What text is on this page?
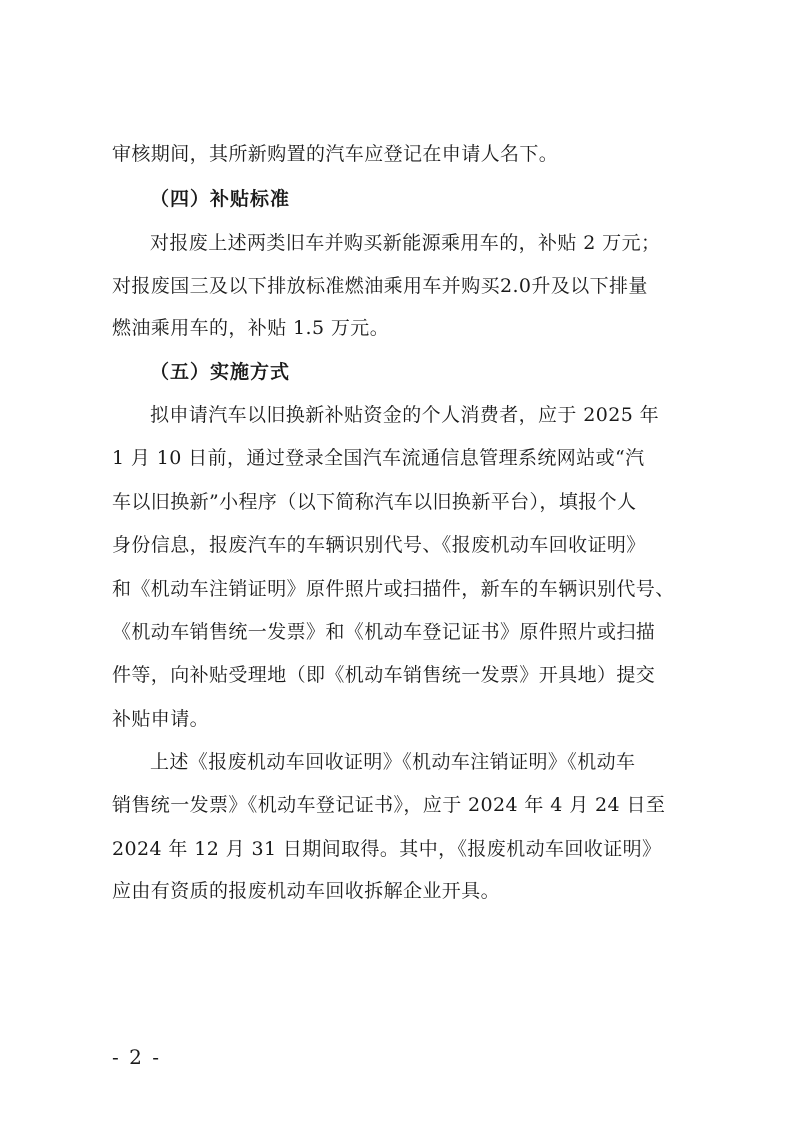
审核期间，其所新购置的汽车应登记在申请人名下。
（四）补贴标准
对报废上述两类旧车并购买新能源乘用车的，补贴 2 万元；
对报废国三及以下排放标准燃油乘用车并购买2.0升及以下排量
燃油乘用车的，补贴 1.5 万元。
（五）实施方式
拟申请汽车以旧换新补贴资金的个人消费者，应于 2025 年
1 月 10 日前，通过登录全国汽车流通信息管理系统网站或“汽
车以旧换新”小程序（以下简称汽车以旧换新平台），填报个人
身份信息，报废汽车的车辆识别代号、《报废机动车回收证明》
和《机动车注销证明》原件照片或扫描件，新车的车辆识别代号、
《机动车销售统一发票》和《机动车登记证书》原件照片或扫描
件等，向补贴受理地（即《机动车销售统一发票》开具地）提交
补贴申请。
上述《报废机动车回收证明》《机动车注销证明》《机动车
销售统一发票》《机动车登记证书》，应于 2024 年 4 月 24 日至
2024 年 12 月 31 日期间取得。其中，《报废机动车回收证明》
应由有资质的报废机动车回收拆解企业开具。
- 2 -
